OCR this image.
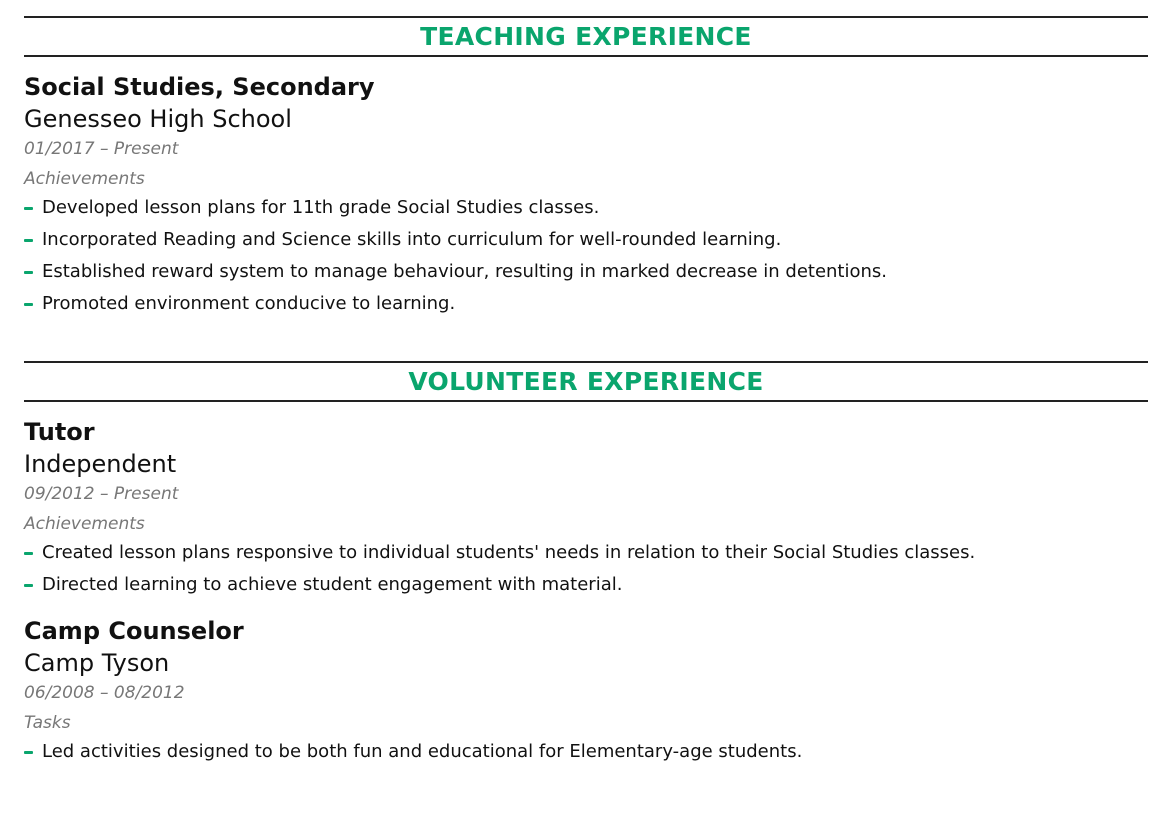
TEACHING EXPERIENCE
Social Studies, Secondary
Genesseo High School
01/2017 – Present
Achievements
Developed lesson plans for 11th grade Social Studies classes.
Incorporated Reading and Science skills into curriculum for well-rounded learning.
Established reward system to manage behaviour, resulting in marked decrease in detentions.
Promoted environment conducive to learning.
VOLUNTEER EXPERIENCE
Tutor
Independent
09/2012 – Present
Achievements
Created lesson plans responsive to individual students' needs in relation to their Social Studies classes.
Directed learning to achieve student engagement with material.
Camp Counselor
Camp Tyson
06/2008 – 08/2012
Tasks
Led activities designed to be both fun and educational for Elementary-age students.
